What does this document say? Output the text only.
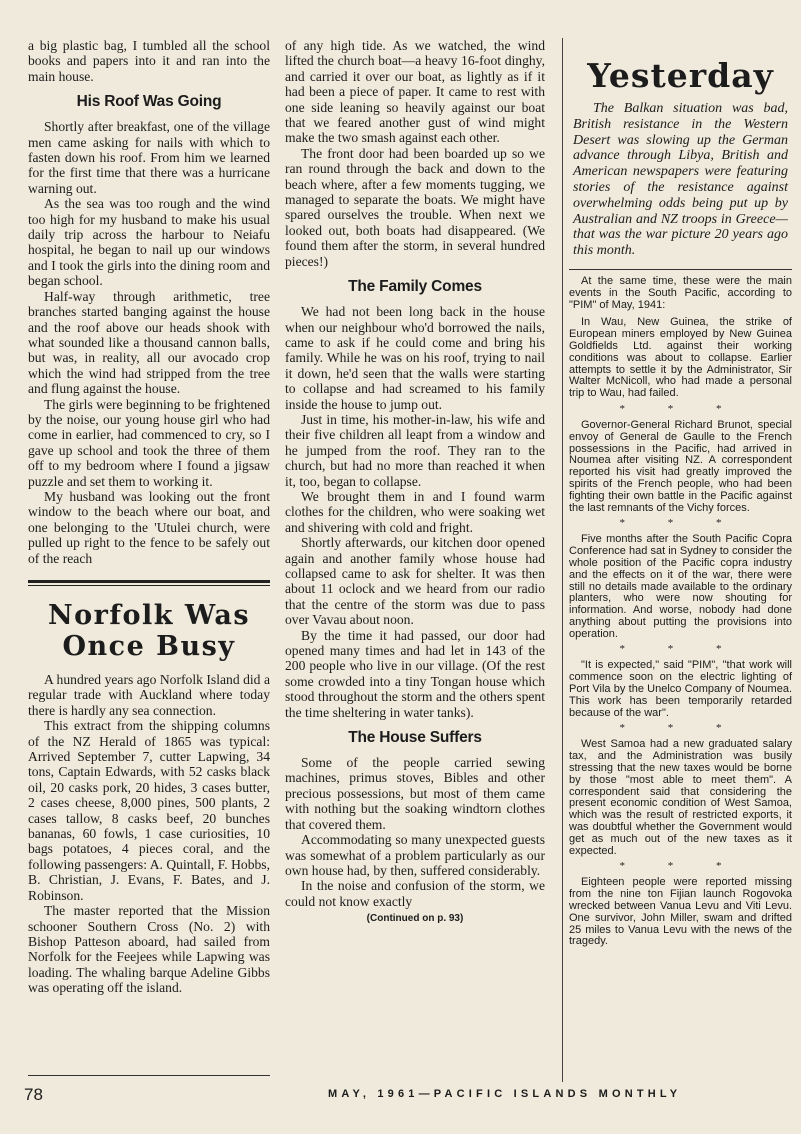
a big plastic bag, I tumbled all the school books and papers into it and ran into the main house.

His Roof Was Going

Shortly after breakfast, one of the village men came asking for nails with which to fasten down his roof. From him we learned for the first time that there was a hurricane warning out.

As the sea was too rough and the wind too high for my husband to make his usual daily trip across the harbour to Neiafu hospital, he began to nail up our windows and I took the girls into the dining room and began school.

Half-way through arithmetic, tree branches started banging against the house and the roof above our heads shook with what sounded like a thousand cannon balls, but was, in reality, all our avocado crop which the wind had stripped from the tree and flung against the house.

The girls were beginning to be frightened by the noise, our young house girl who had come in earlier, had commenced to cry, so I gave up school and took the three of them off to my bedroom where I found a jigsaw puzzle and set them to working it.

My husband was looking out the front window to the beach where our boat, and one belonging to the 'Utulei church, were pulled up right to the fence to be safely out of the reach

Norfolk Was
Once Busy

A hundred years ago Norfolk Island did a regular trade with Auckland where today there is hardly any sea connection.

This extract from the shipping columns of the NZ Herald of 1865 was typical: Arrived September 7, cutter Lapwing, 34 tons, Captain Edwards, with 52 casks black oil, 20 casks pork, 20 hides, 3 cases butter, 2 cases cheese, 8,000 pines, 500 plants, 2 cases tallow, 8 casks beef, 20 bunches bananas, 60 fowls, 1 case curiosities, 10 bags potatoes, 4 pieces coral, and the following passengers: A. Quintall, F. Hobbs, B. Christian, J. Evans, F. Bates, and J. Robinson.

The master reported that the Mission schooner Southern Cross (No. 2) with Bishop Patteson aboard, had sailed from Norfolk for the Feejees while Lapwing was loading. The whaling barque Adeline Gibbs was operating off the island.

of any high tide. As we watched, the wind lifted the church boat—a heavy 16-foot dinghy, and carried it over our boat, as lightly as if it had been a piece of paper. It came to rest with one side leaning so heavily against our boat that we feared another gust of wind might make the two smash against each other.

The front door had been boarded up so we ran round through the back and down to the beach where, after a few moments tugging, we managed to separate the boats. We might have spared ourselves the trouble. When next we looked out, both boats had disappeared. (We found them after the storm, in several hundred pieces!)

The Family Comes

We had not been long back in the house when our neighbour who'd borrowed the nails, came to ask if he could come and bring his family. While he was on his roof, trying to nail it down, he'd seen that the walls were starting to collapse and had screamed to his family inside the house to jump out.

Just in time, his mother-in-law, his wife and their five children all leapt from a window and he jumped from the roof. They ran to the church, but had no more than reached it when it, too, began to collapse.

We brought them in and I found warm clothes for the children, who were soaking wet and shivering with cold and fright.

Shortly afterwards, our kitchen door opened again and another family whose house had collapsed came to ask for shelter. It was then about 11 oclock and we heard from our radio that the centre of the storm was due to pass over Vavau about noon.

By the time it had passed, our door had opened many times and had let in 143 of the 200 people who live in our village. (Of the rest some crowded into a tiny Tongan house which stood throughout the storm and the others spent the time sheltering in water tanks).

The House Suffers

Some of the people carried sewing machines, primus stoves, Bibles and other precious possessions, but most of them came with nothing but the soaking windtorn clothes that covered them.

Accommodating so many unexpected guests was somewhat of a problem particularly as our own house had, by then, suffered considerably.

In the noise and confusion of the storm, we could not know exactly

(Continued on p. 93)
Yesterday

The Balkan situation was bad, British resistance in the Western Desert was slowing up the German advance through Libya, British and American newspapers were featuring stories of the resistance against overwhelming odds being put up by Australian and NZ troops in Greece—that was the war picture 20 years ago this month.

At the same time, these were the main events in the South Pacific, according to "PIM" of May, 1941:

In Wau, New Guinea, the strike of European miners employed by New Guinea Goldfields Ltd. against their working conditions was about to collapse. Earlier attempts to settle it by the Administrator, Sir Walter McNicoll, who had made a personal trip to Wau, had failed.

* * *

Governor-General Richard Brunot, special envoy of General de Gaulle to the French possessions in the Pacific, had arrived in Noumea after visiting NZ. A correspondent reported his visit had greatly improved the spirits of the French people, who had been fighting their own battle in the Pacific against the last remnants of the Vichy forces.

* * *

Five months after the South Pacific Copra Conference had sat in Sydney to consider the whole position of the Pacific copra industry and the effects on it of the war, there were still no details made available to the ordinary planters, who were now shouting for information. And worse, nobody had done anything about putting the provisions into operation.

* * *

"It is expected," said "PIM", "that work will commence soon on the electric lighting of Port Vila by the Unelco Company of Noumea. This work has been temporarily retarded because of the war".

* * *

West Samoa had a new graduated salary tax, and the Administration was busily stressing that the new taxes would be borne by those "most able to meet them". A correspondent said that considering the present economic condition of West Samoa, which was the result of restricted exports, it was doubtful whether the Government would get as much out of the new taxes as it expected.

* * *

Eighteen people were reported missing from the nine ton Fijian launch Rogovoka wrecked between Vanua Levu and Viti Levu. One survivor, John Miller, swam and drifted 25 miles to Vanua Levu with the news of the tragedy.

78	MAY, 1961—PACIFIC ISLANDS MONTHLY
